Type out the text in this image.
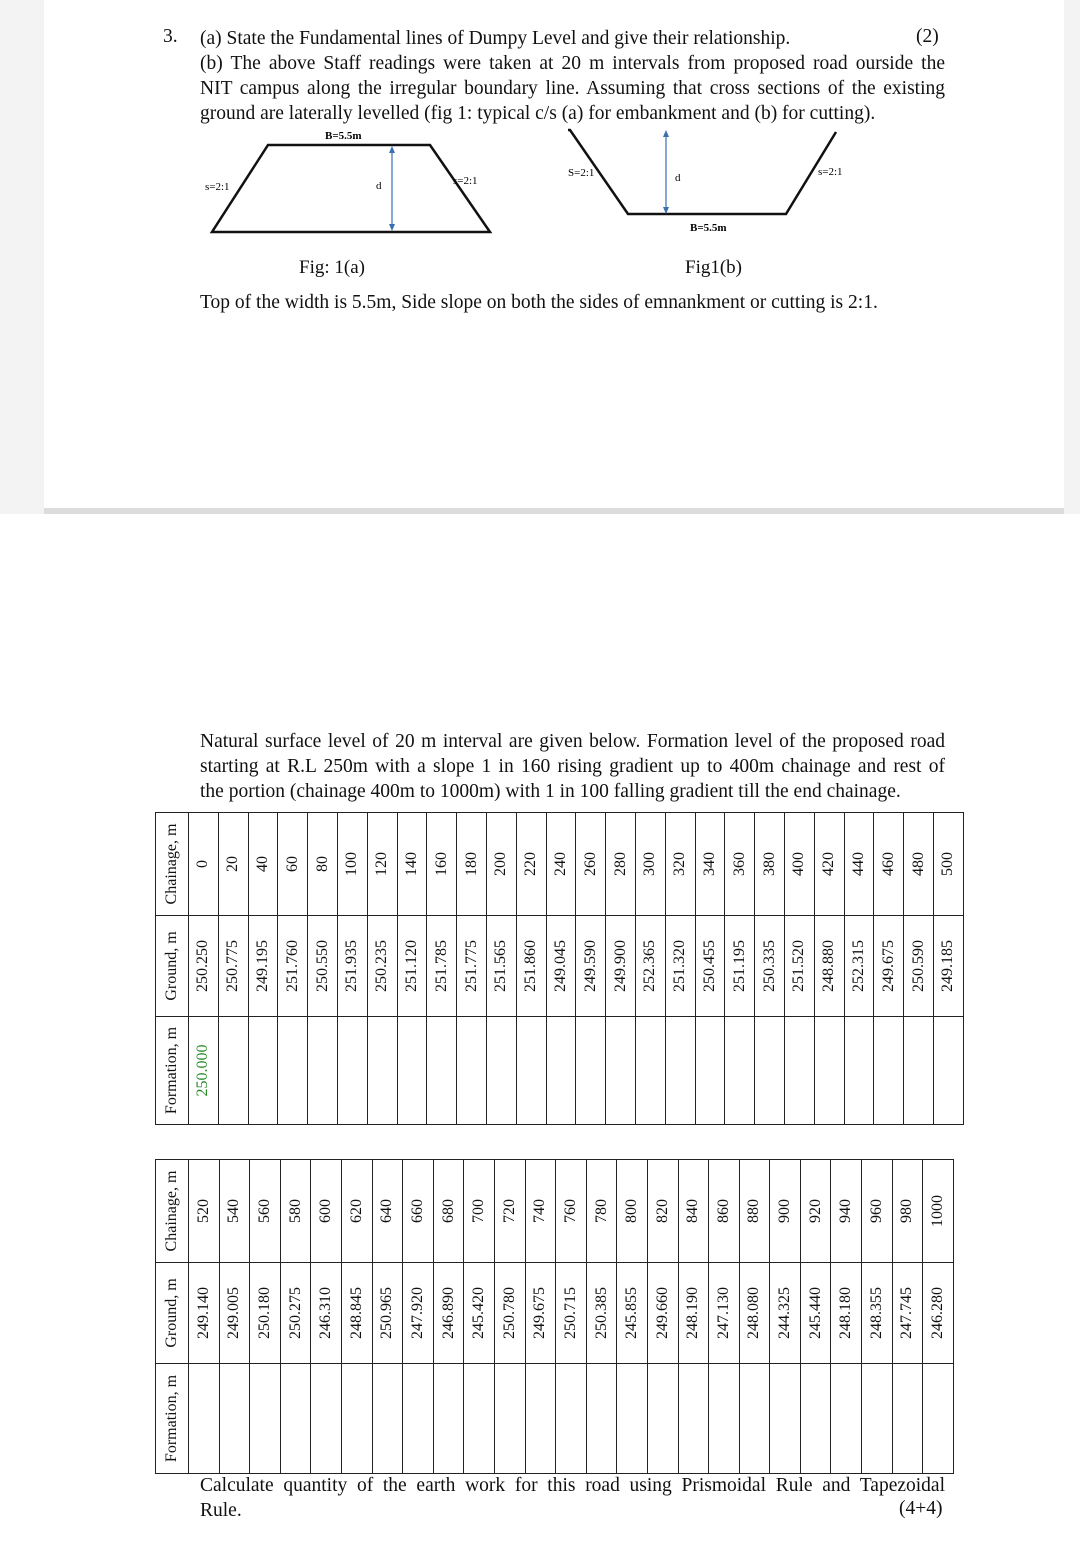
3. (a) State the Fundamental lines of Dumpy Level and give their relationship.	(2)
(b) The above Staff readings were taken at 20 m intervals from proposed road ourside the
NIT campus along the irregular boundary line. Assuming that cross sections of the existing
ground are laterally levelled (fig 1: typical c/s (a) for embankment and (b) for cutting).
B=5.5m
s=2:1	s=2:1
d
S=2:1	s=2:1
d
B=5.5m
Fig: 1(a)	Fig1(b)
Top of the width is 5.5m, Side slope on both the sides of emnankment or cutting is 2:1.
Natural surface level of 20 m interval are given below. Formation level of the proposed road
starting at R.L 250m with a slope 1 in 160 rising gradient up to 400m chainage and rest of
the portion (chainage 400m to 1000m) with 1 in 100 falling gradient till the end chainage.
Formation, m	Ground, m	Chainage, m
250.000	250.250	0
	250.775	20
	249.195	40
	251.760	60
	250.550	80
	251.935	100
	250.235	120
	251.120	140
	251.785	160
	251.775	180
	251.565	200
	251.860	220
	249.045	240
	249.590	260
	249.900	280
	252.365	300
	251.320	320
	250.455	340
	251.195	360
	250.335	380
	251.520	400
	248.880	420
	252.315	440
	249.675	460
	250.590	480
	249.185	500
Formation, m	Ground, m	Chainage, m
	249.140	520
	249.005	540
	250.180	560
	250.275	580
	246.310	600
	248.845	620
	250.965	640
	247.920	660
	246.890	680
	245.420	700
	250.780	720
	249.675	740
	250.715	760
	250.385	780
	245.855	800
	249.660	820
	248.190	840
	247.130	860
	248.080	880
	244.325	900
	245.440	920
	248.180	940
	248.355	960
	247.745	980
	246.280	1000
Calculate quantity of the earth work for this road using Prismoidal Rule and Tapezoidal
Rule.	(4+4)
